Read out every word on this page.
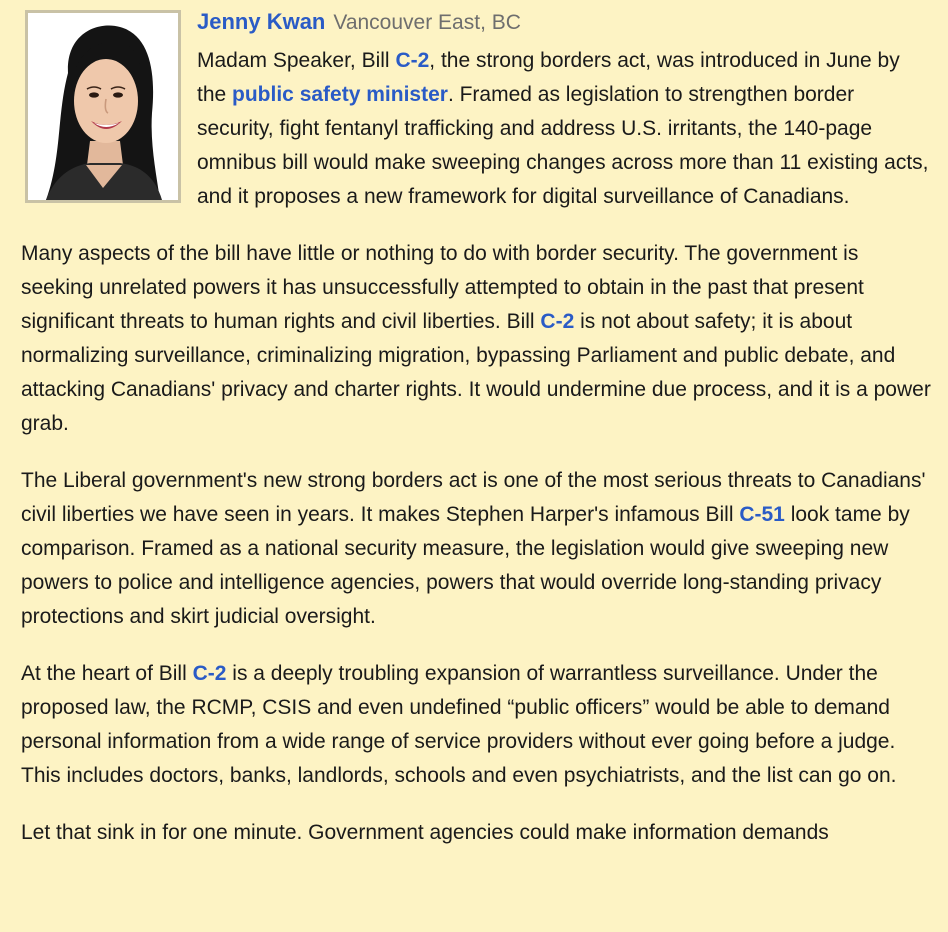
Jenny Kwan Vancouver East, BC

Madam Speaker, Bill C-2, the strong borders act, was introduced in June by the public safety minister. Framed as legislation to strengthen border security, fight fentanyl trafficking and address U.S. irritants, the 140-page omnibus bill would make sweeping changes across more than 11 existing acts, and it proposes a new framework for digital surveillance of Canadians.

Many aspects of the bill have little or nothing to do with border security. The government is seeking unrelated powers it has unsuccessfully attempted to obtain in the past that present significant threats to human rights and civil liberties. Bill C-2 is not about safety; it is about normalizing surveillance, criminalizing migration, bypassing Parliament and public debate, and attacking Canadians' privacy and charter rights. It would undermine due process, and it is a power grab.

The Liberal government's new strong borders act is one of the most serious threats to Canadians' civil liberties we have seen in years. It makes Stephen Harper's infamous Bill C-51 look tame by comparison. Framed as a national security measure, the legislation would give sweeping new powers to police and intelligence agencies, powers that would override long-standing privacy protections and skirt judicial oversight.

At the heart of Bill C-2 is a deeply troubling expansion of warrantless surveillance. Under the proposed law, the RCMP, CSIS and even undefined “public officers” would be able to demand personal information from a wide range of service providers without ever going before a judge. This includes doctors, banks, landlords, schools and even psychiatrists, and the list can go on.

Let that sink in for one minute. Government agencies could make information demands
